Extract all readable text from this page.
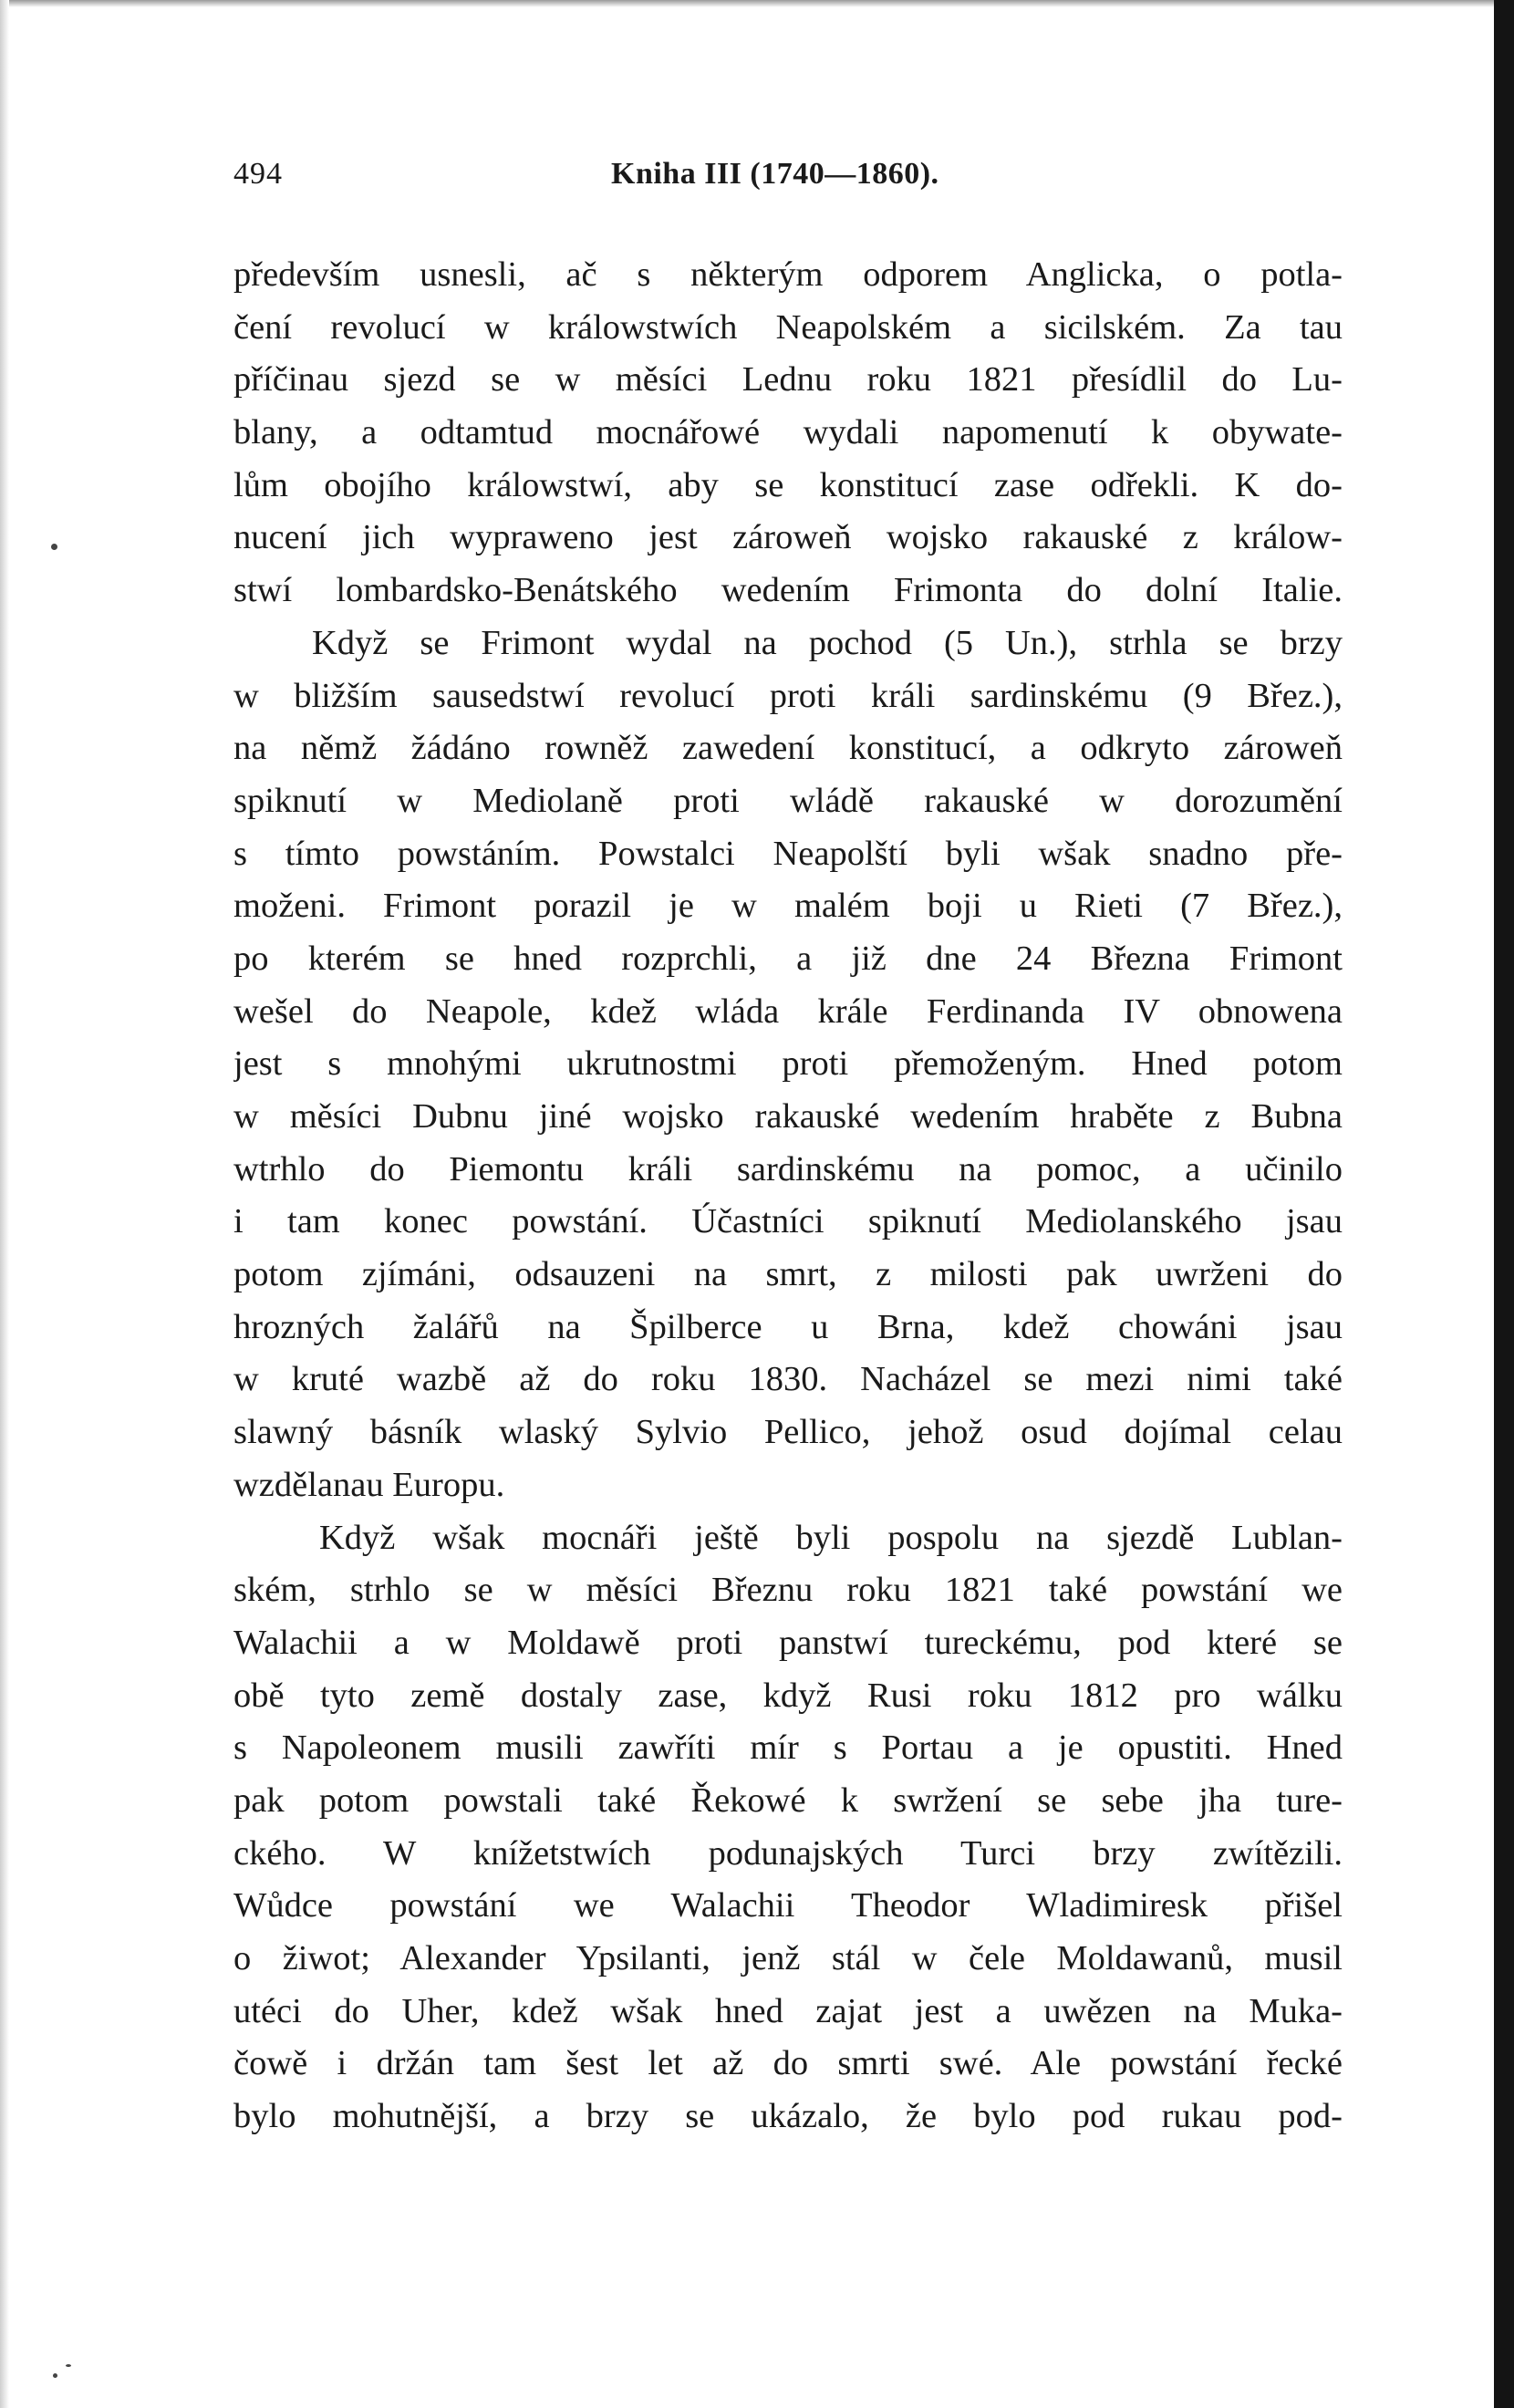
494	Kniha III (1740—1860).
především usnesli, ač s některým odporem Anglicka, o potla-
čení revolucí w králowstwích Neapolském a sicilském. Za tau
příčinau sjezd se w měsíci Lednu roku 1821 přesídlil do Lu-
blany, a odtamtud mocnářowé wydali napomenutí k obywate-
lům obojího králowstwí, aby se konstitucí zase odřekli. K do-
nucení jich wypraweno jest zároweň wojsko rakauské z králow-
stwí lombardsko-Benátského wedením Frimonta do dolní Italie.
Když se Frimont wydal na pochod (5 Un.), strhla se brzy
w bližším sausedstwí revolucí proti králi sardinskému (9 Břez.),
na němž žádáno rowněž zawedení konstitucí, a odkryto zároweň
spiknutí w Mediolaně proti wládě rakauské w dorozumění
s tímto powstáním. Powstalci Neapolští byli wšak snadno pře-
moženi. Frimont porazil je w malém boji u Rieti (7 Břez.),
po kterém se hned rozprchli, a již dne 24 Března Frimont
wešel do Neapole, kdež wláda krále Ferdinanda IV obnowena
jest s mnohými ukrutnostmi proti přemoženým. Hned potom
w měsíci Dubnu jiné wojsko rakauské wedením hraběte z Bubna
wtrhlo do Piemontu králi sardinskému na pomoc, a učinilo
i tam konec powstání. Účastníci spiknutí Mediolanského jsau
potom zjímáni, odsauzeni na smrt, z milosti pak uwrženi do
hrozných žalářů na Špilberce u Brna, kdež chowáni jsau
w kruté wazbě až do roku 1830. Nacházel se mezi nimi také
slawný básník wlaský Sylvio Pellico, jehož osud dojímal celau
wzdělanau Europu.
Když wšak mocnáři ještě byli pospolu na sjezdě Lublan-
ském, strhlo se w měsíci Březnu roku 1821 také powstání we
Walachii a w Moldawě proti panstwí tureckému, pod které se
obě tyto země dostaly zase, když Rusi roku 1812 pro wálku
s Napoleonem musili zawříti mír s Portau a je opustiti. Hned
pak potom powstali také Řekowé k swržení se sebe jha ture-
ckého. W knížetstwích podunajských Turci brzy zwítězili.
Wůdce powstání we Walachii Theodor Wladimiresk přišel
o žiwot; Alexander Ypsilanti, jenž stál w čele Moldawanů, musil
utéci do Uher, kdež wšak hned zajat jest a uwězen na Muka-
čowě i držán tam šest let až do smrti swé. Ale powstání řecké
bylo mohutnější, a brzy se ukázalo, že bylo pod rukau pod-
